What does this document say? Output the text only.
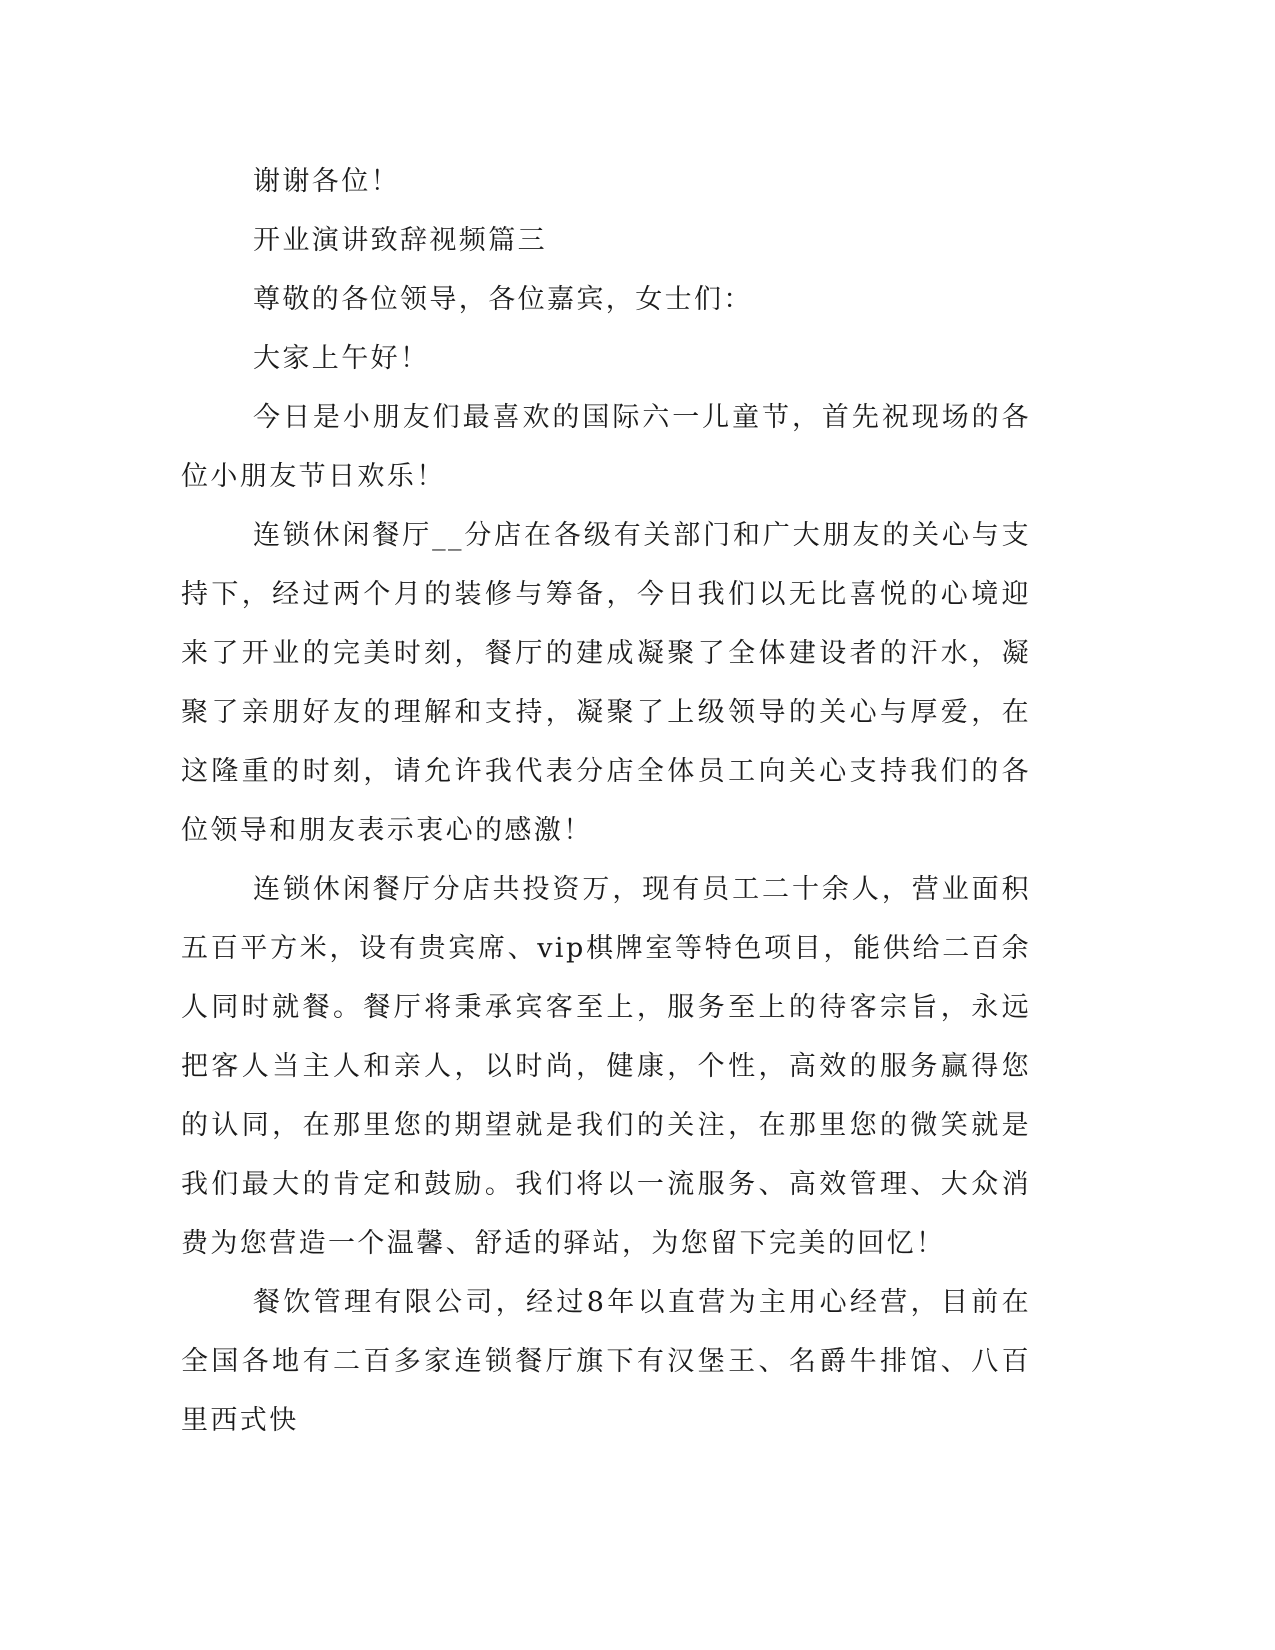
谢谢各位！

开业演讲致辞视频篇三

尊敬的各位领导，各位嘉宾，女士们：

大家上午好！

今日是小朋友们最喜欢的国际六一儿童节，首先祝现场的各位小朋友节日欢乐！

连锁休闲餐厅__分店在各级有关部门和广大朋友的关心与支持下，经过两个月的装修与筹备，今日我们以无比喜悦的心境迎来了开业的完美时刻，餐厅的建成凝聚了全体建设者的汗水，凝聚了亲朋好友的理解和支持，凝聚了上级领导的关心与厚爱，在这隆重的时刻，请允许我代表分店全体员工向关心支持我们的各位领导和朋友表示衷心的感激！

连锁休闲餐厅分店共投资万，现有员工二十余人，营业面积五百平方米，设有贵宾席、vip棋牌室等特色项目，能供给二百余人同时就餐。餐厅将秉承宾客至上，服务至上的待客宗旨，永远把客人当主人和亲人，以时尚，健康，个性，高效的服务赢得您的认同，在那里您的期望就是我们的关注，在那里您的微笑就是我们最大的肯定和鼓励。我们将以一流服务、高效管理、大众消费为您营造一个温馨、舒适的驿站，为您留下完美的回忆！

餐饮管理有限公司，经过8年以直营为主用心经营，目前在全国各地有二百多家连锁餐厅旗下有汉堡王、名爵牛排馆、八百里西式快
